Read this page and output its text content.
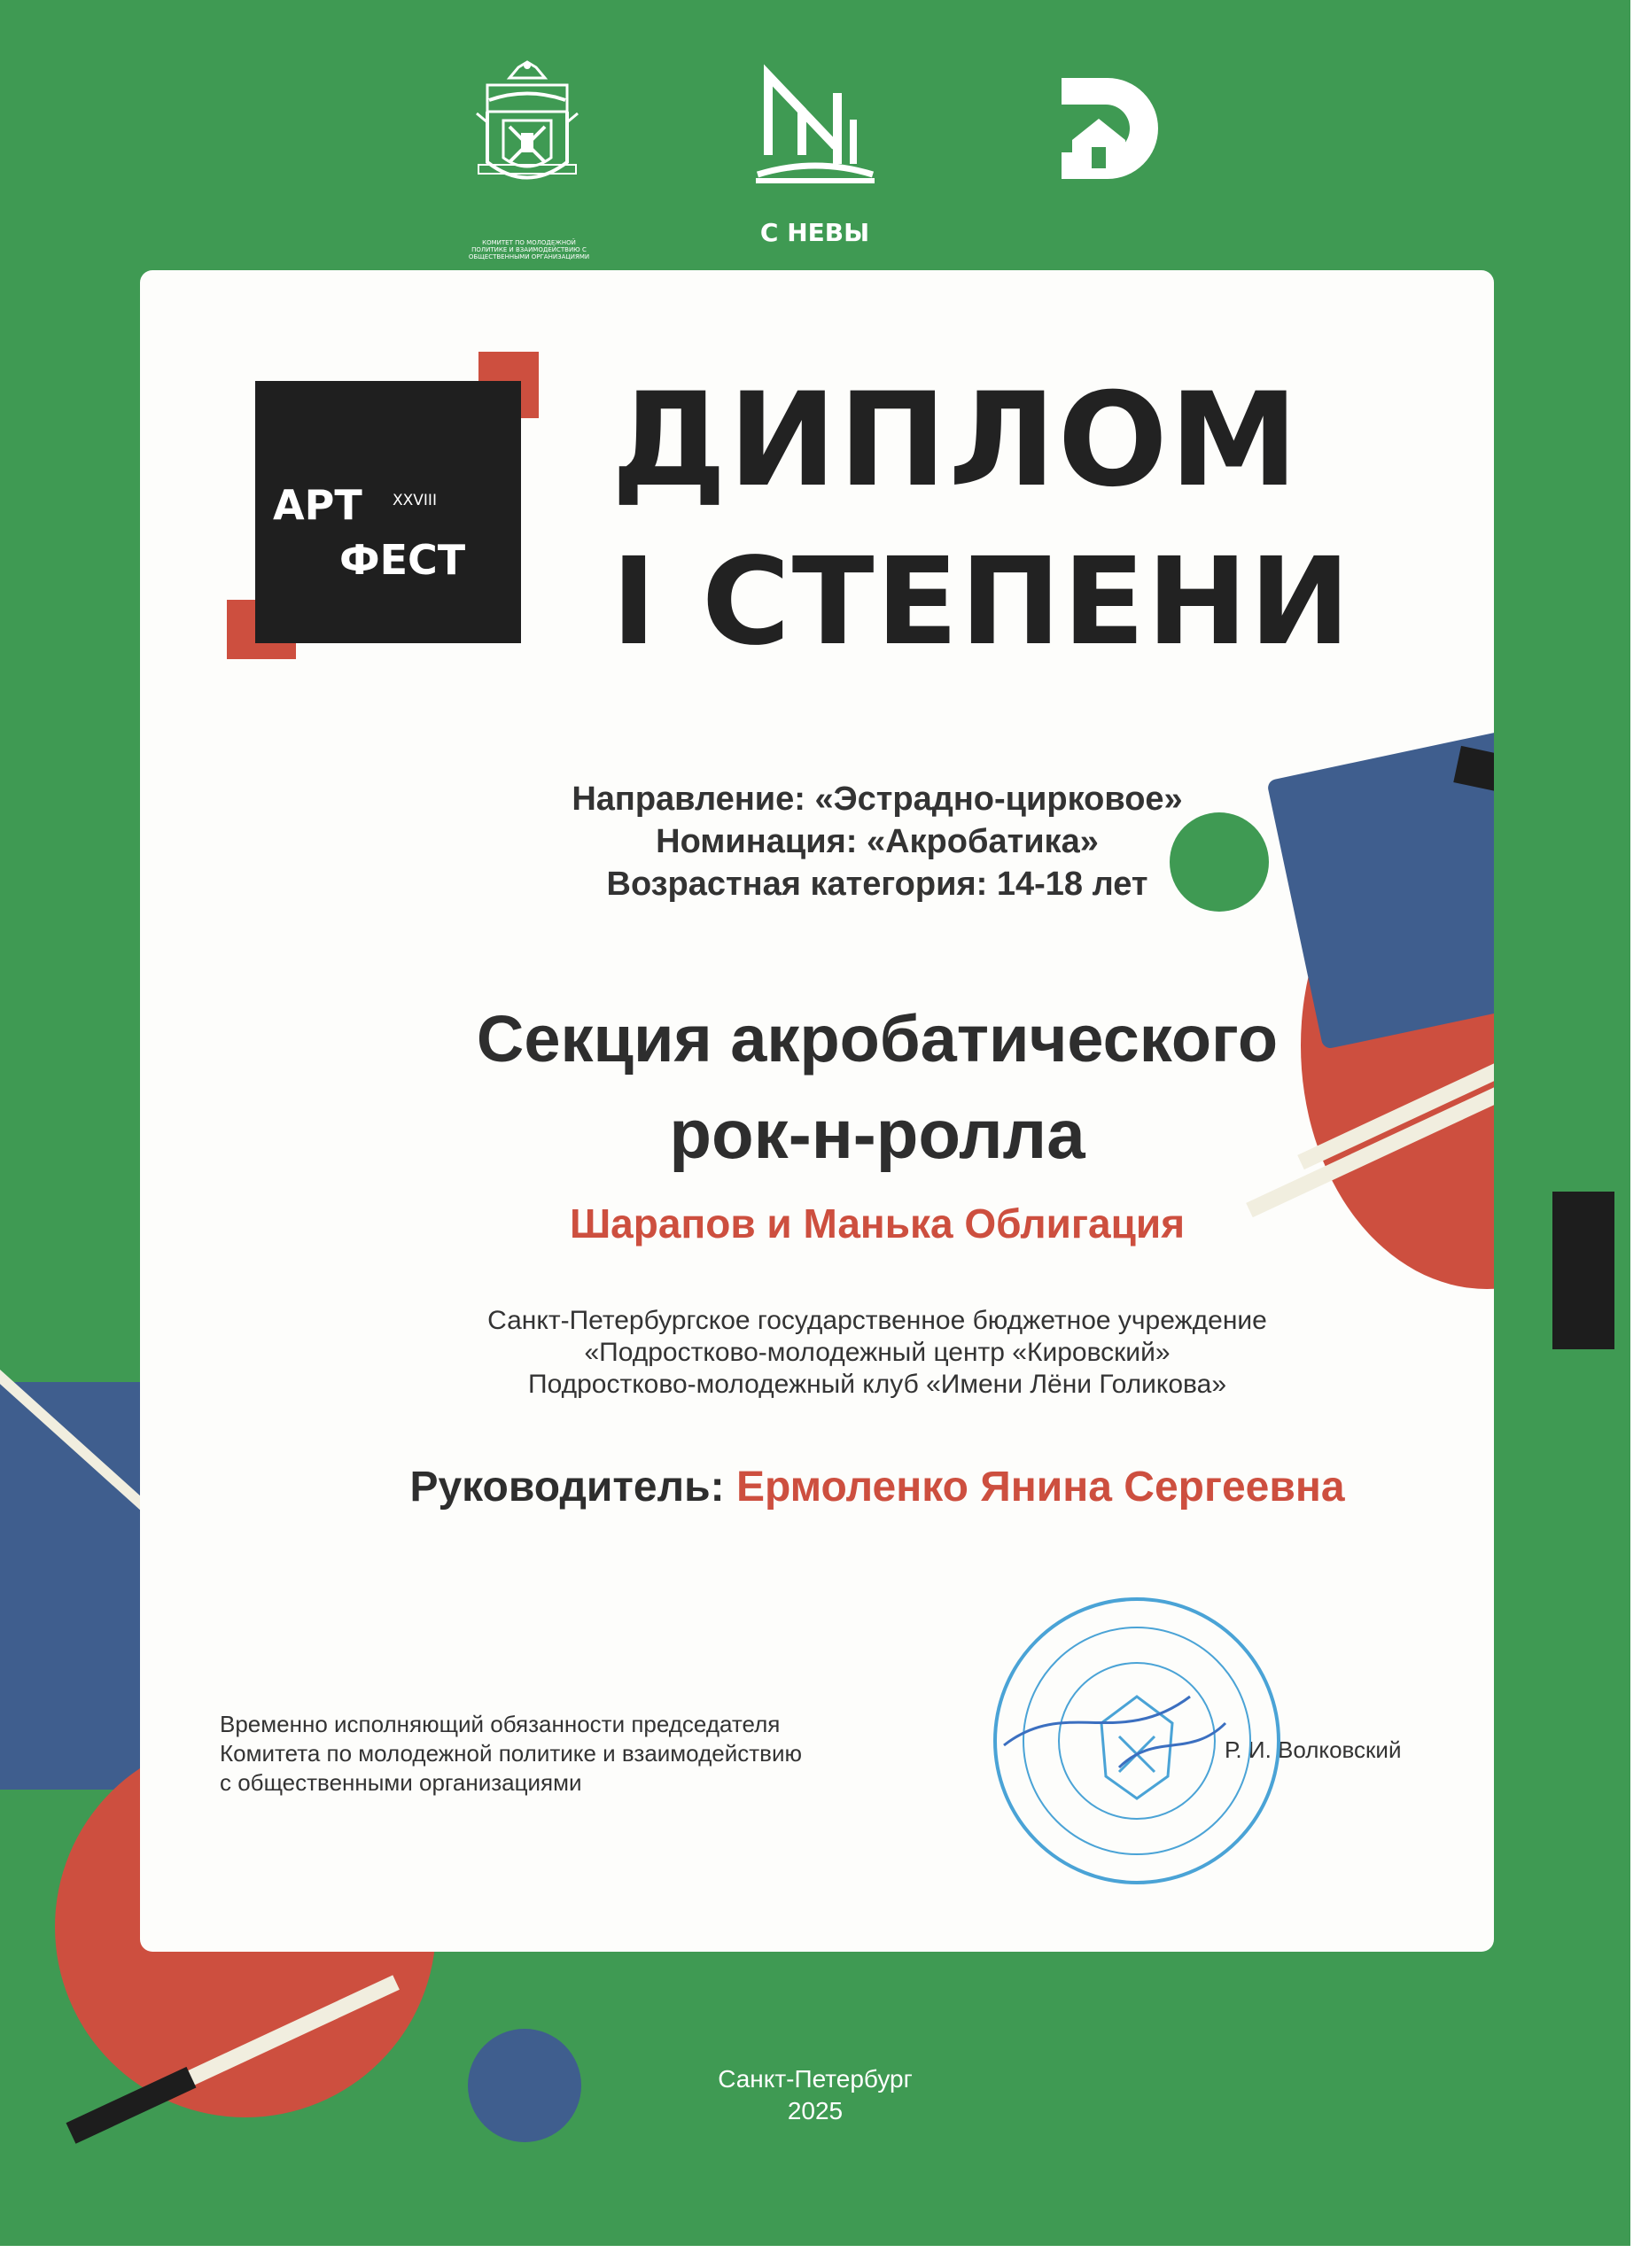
КОМИТЕТ ПО МОЛОДЕЖНОЙ ПОЛИТИКЕ И ВЗАИМОДЕЙСТВИЮ С ОБЩЕСТВЕННЫМИ ОРГАНИЗАЦИЯМИ
С НЕВЫ
АРТ XXVIII
ФЕСТ
ДИПЛОМ
I СТЕПЕНИ
Направление: «Эстрадно-цирковое»
Номинация: «Акробатика»
Возрастная категория: 14-18 лет
Секция акробатического
рок-н-ролла
Шарапов и Манька Облигация
Санкт-Петербургское государственное бюджетное учреждение
«Подростково-молодежный центр «Кировский»
Подростково-молодежный клуб «Имени Лёни Голикова»
Руководитель: Ермоленко Янина Сергеевна
Временно исполняющий обязанности председателя
Комитета по молодежной политике и взаимодействию
с общественными организациями
Р. И. Волковский
Санкт-Петербург
2025
